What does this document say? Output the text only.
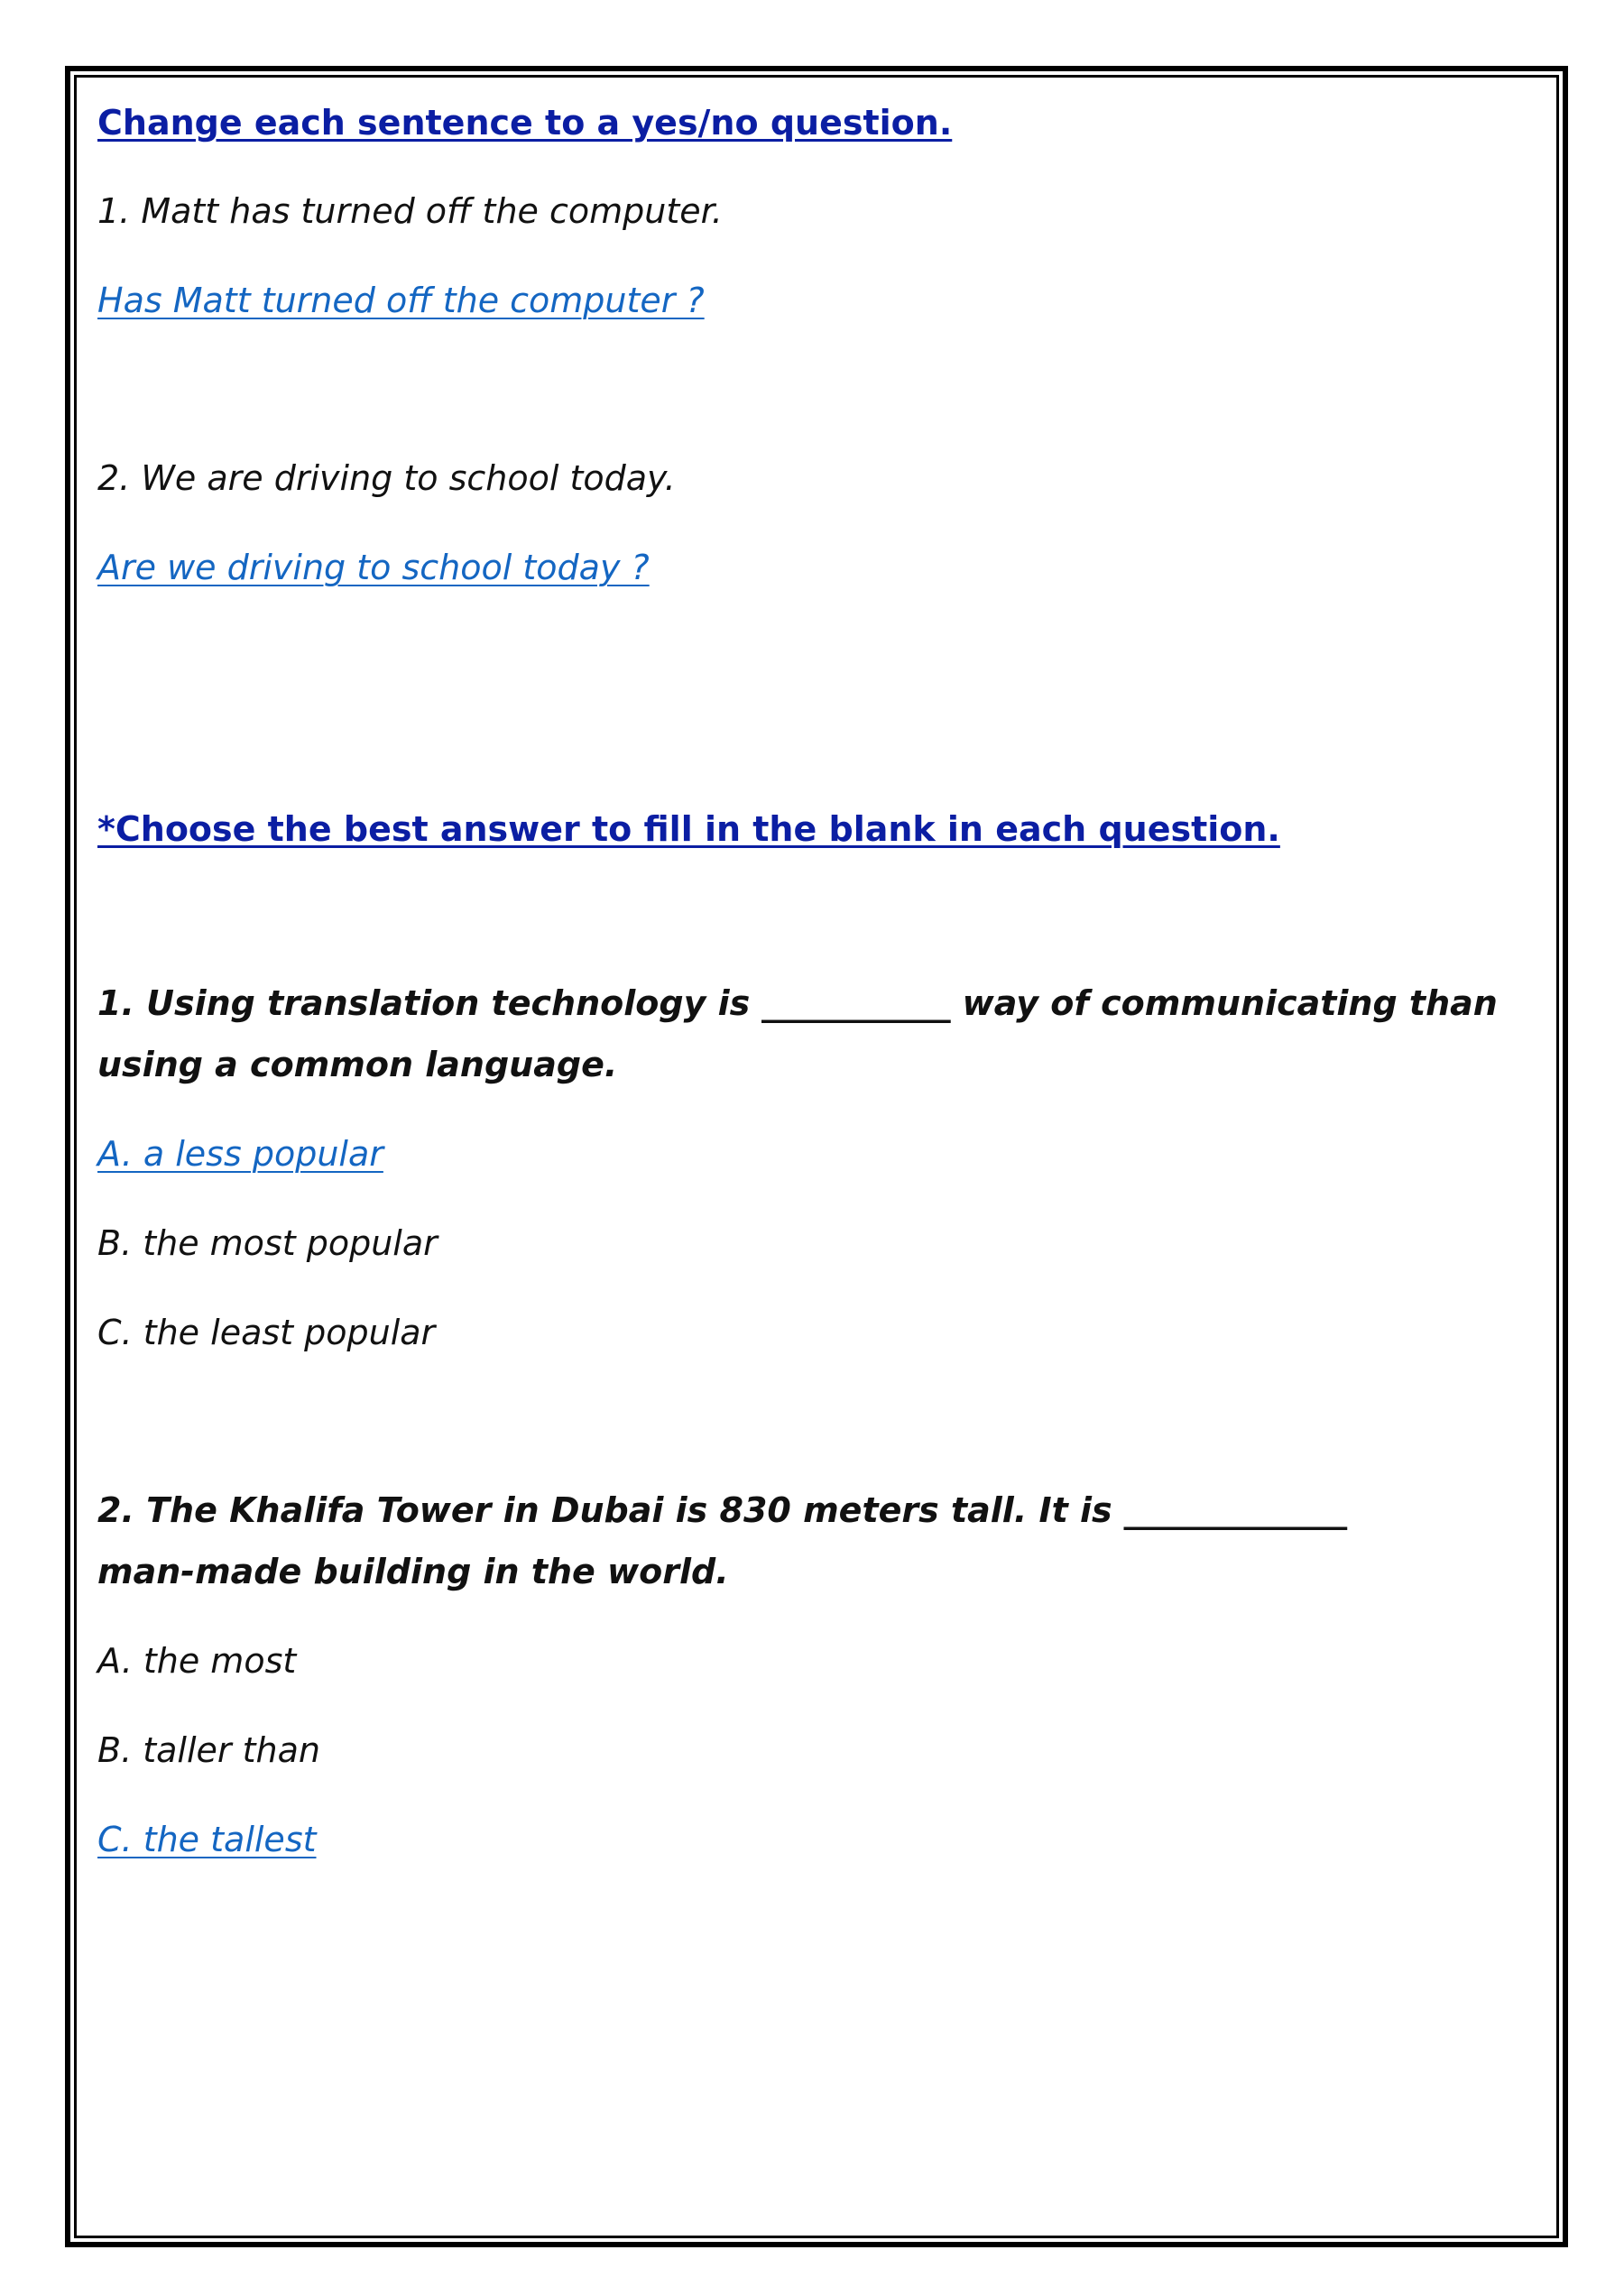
Change each sentence to a yes/no question.
1. Matt has turned off the computer.
Has Matt turned off the computer ?
2. We are driving to school today.
Are we driving to school today ?
*Choose the best answer to fill in the blank in each question.
1. Using translation technology is ___________ way of communicating than
using a common language.
A. a less popular
B. the most popular
C. the least popular
2. The Khalifa Tower in Dubai is 830 meters tall. It is _____________
man-made building in the world.
A. the most
B. taller than
C. the tallest
